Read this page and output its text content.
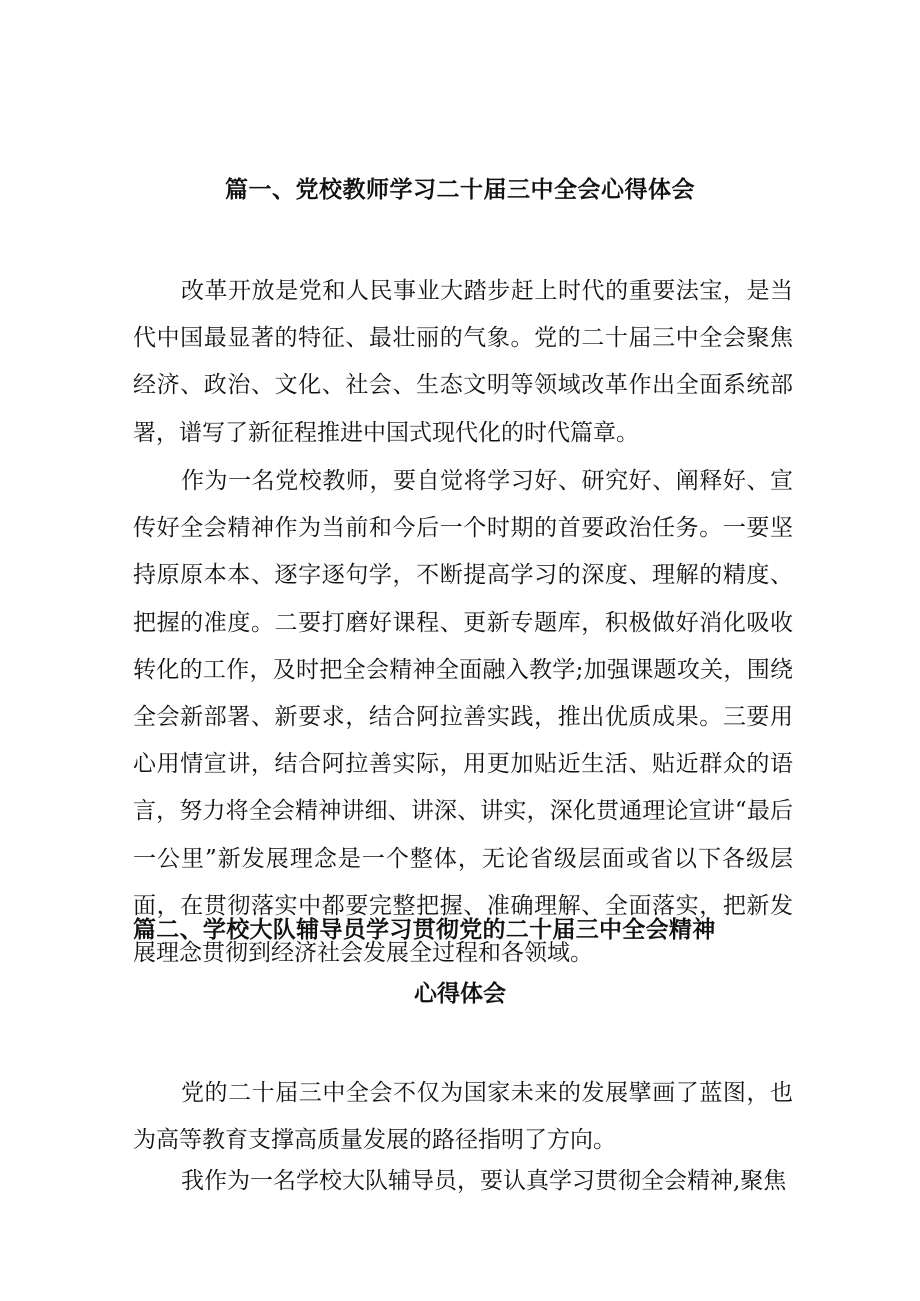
篇一、党校教师学习二十届三中全会心得体会

改革开放是党和人民事业大踏步赶上时代的重要法宝，是当代中国最显著的特征、最壮丽的气象。党的二十届三中全会聚焦经济、政治、文化、社会、生态文明等领域改革作出全面系统部署，谱写了新征程推进中国式现代化的时代篇章。

作为一名党校教师，要自觉将学习好、研究好、阐释好、宣传好全会精神作为当前和今后一个时期的首要政治任务。一要坚持原原本本、逐字逐句学，不断提高学习的深度、理解的精度、把握的准度。二要打磨好课程、更新专题库，积极做好消化吸收转化的工作，及时把全会精神全面融入教学;加强课题攻关，围绕全会新部署、新要求，结合阿拉善实践，推出优质成果。三要用心用情宣讲，结合阿拉善实际，用更加贴近生活、贴近群众的语言，努力将全会精神讲细、讲深、讲实，深化贯通理论宣讲“最后一公里”新发展理念是一个整体，无论省级层面或省以下各级层面，在贯彻落实中都要完整把握、准确理解、全面落实，把新发展理念贯彻到经济社会发展全过程和各领域。

篇二、学校大队辅导员学习贯彻党的二十届三中全会精神
心得体会

党的二十届三中全会不仅为国家未来的发展擘画了蓝图，也为高等教育支撑高质量发展的路径指明了方向。

我作为一名学校大队辅导员，要认真学习贯彻全会精神,聚焦
